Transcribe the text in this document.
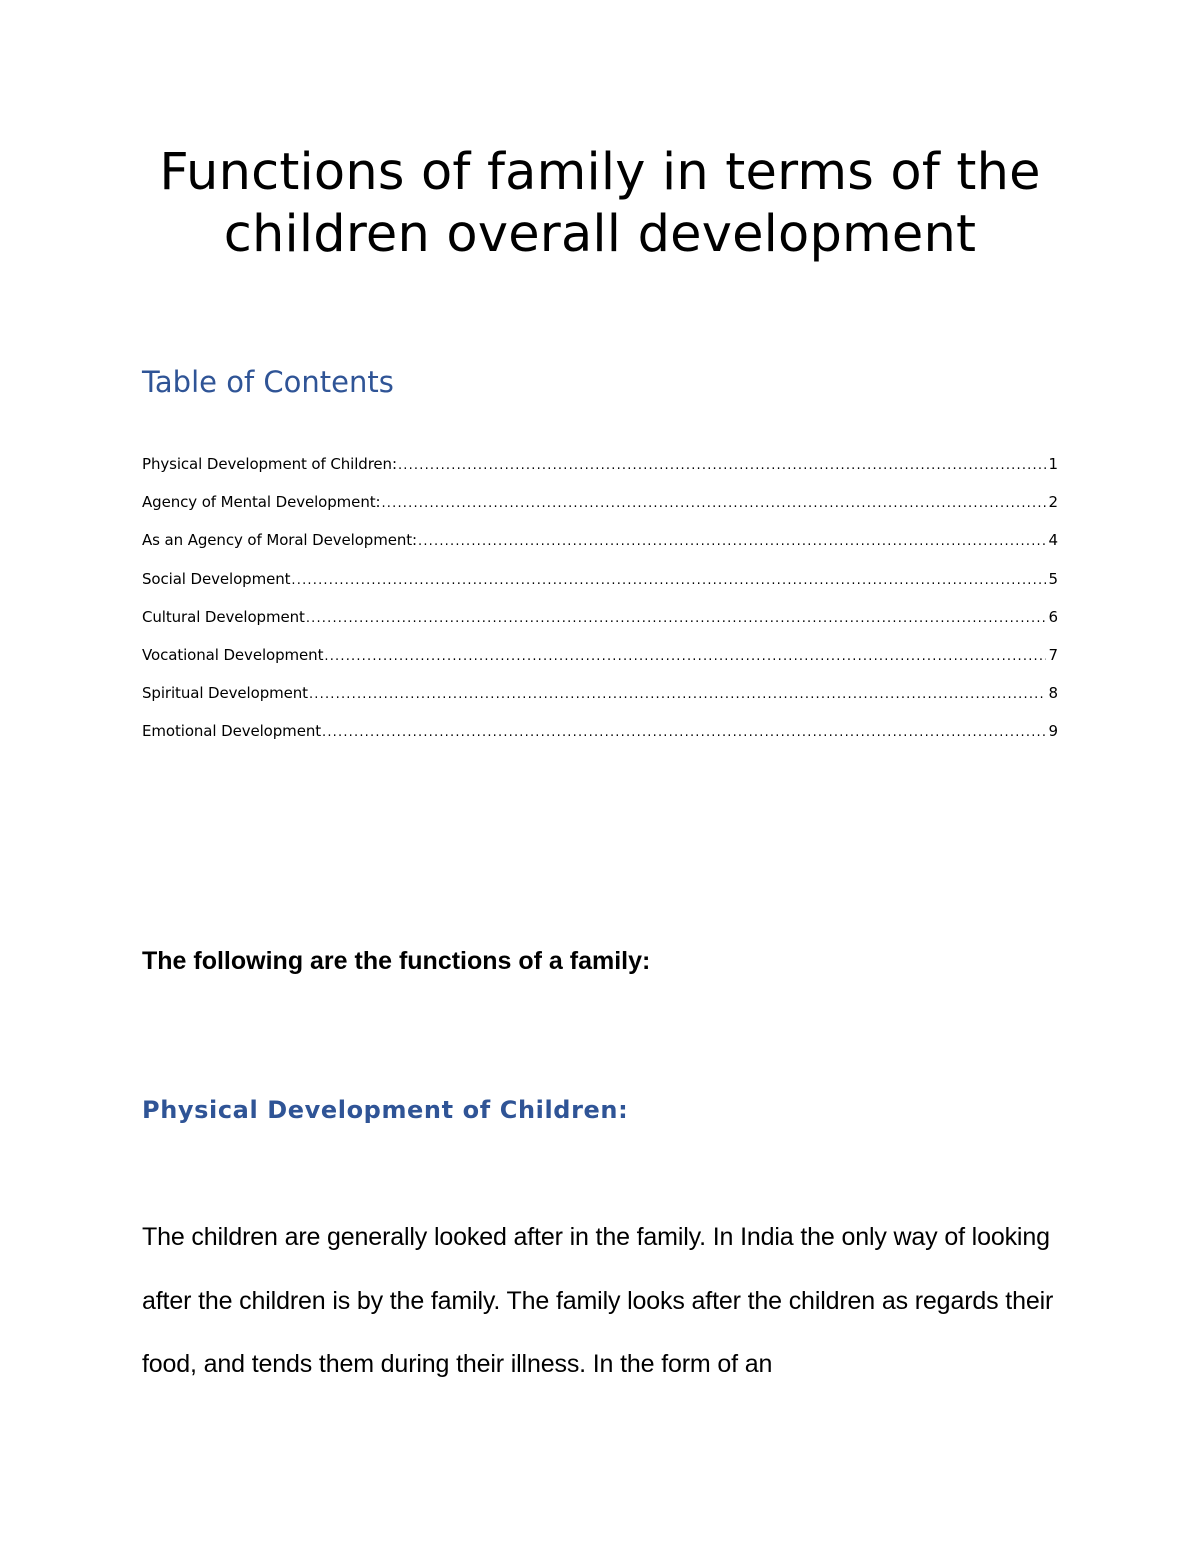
Functions of family in terms of the children overall development
Table of Contents
Physical Development of Children: .....	1
Agency of Mental Development: .....	2
As an Agency of Moral Development: .....	4
Social Development .....	5
Cultural Development .....	6
Vocational Development .....	7
Spiritual Development .....	8
Emotional Development .....	9

The following are the functions of a family:

Physical Development of Children:

The children are generally looked after in the family. In India the only way of looking after the children is by the family. The family looks after the children as regards their food, and tends them during their illness. In the form of an
